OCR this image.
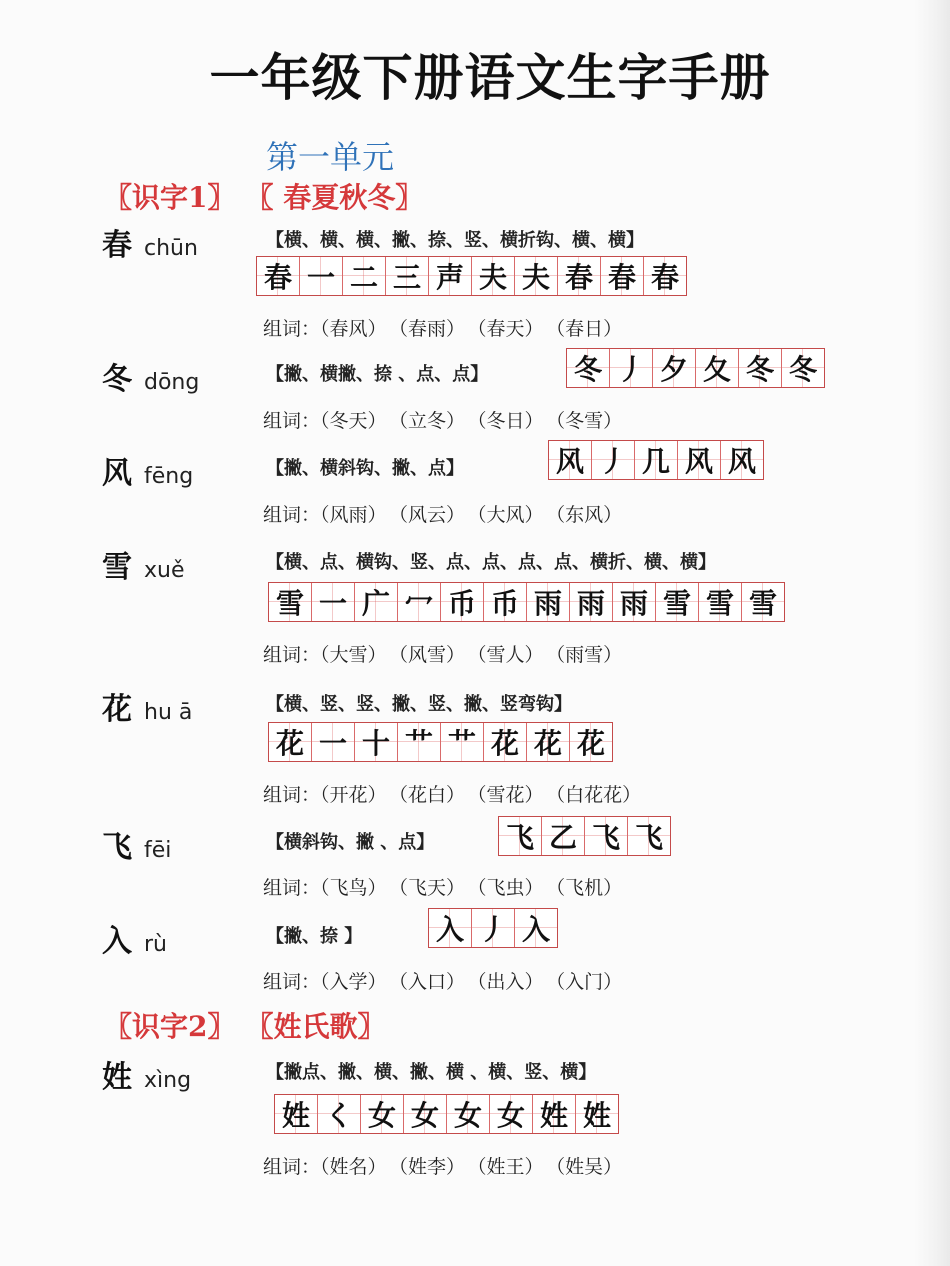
一年级下册语文生字手册
第一单元
〖识字1〗 〖 春夏秋冬〗
〖识字2〗 〖姓氏歌〗
春 chūn	【横、横、横、撇、捺、竖、横折钩、横、横】
春 一 二 三 声 夫 夫 春 春 春
组词：（春风） （春雨） （春天） （春日）
冬 dōng	【撇、横撇、捺 、点、点】	冬 丿 夕 夂 冬 冬
组词：（冬天） （立冬） （冬日） （冬雪）
风 fēng	【撇、横斜钩、撇、点】	风 丿 几 风 风
组词：（风雨） （风云） （大风） （东风）
雪 xuě	【横、点、横钩、竖、点、点、点、点、横折、横、横】
雪 一 广 冖 币 币 雨 雨 雨 雪 雪 雪
组词：（大雪） （风雪） （雪人） （雨雪）
花 hu ā	【横、竖、竖、撇、竖、撇、竖弯钩】
花 一 十 艹 艹 花 花 花
组词：（开花） （花白） （雪花） （白花花）
飞 fēi	【横斜钩、撇 、点】	飞 乙 飞 飞
组词：（飞鸟） （飞天） （飞虫） （飞机）
入 rù	【撇、捺 】	入 丿 入
组词：（入学） （入口） （出入） （入门）
姓 xìng	【撇点、撇、横、撇、横 、横、竖、横】
姓 く 女 女 女 女 姓 姓
组词：（姓名） （姓李） （姓王） （姓吴）
